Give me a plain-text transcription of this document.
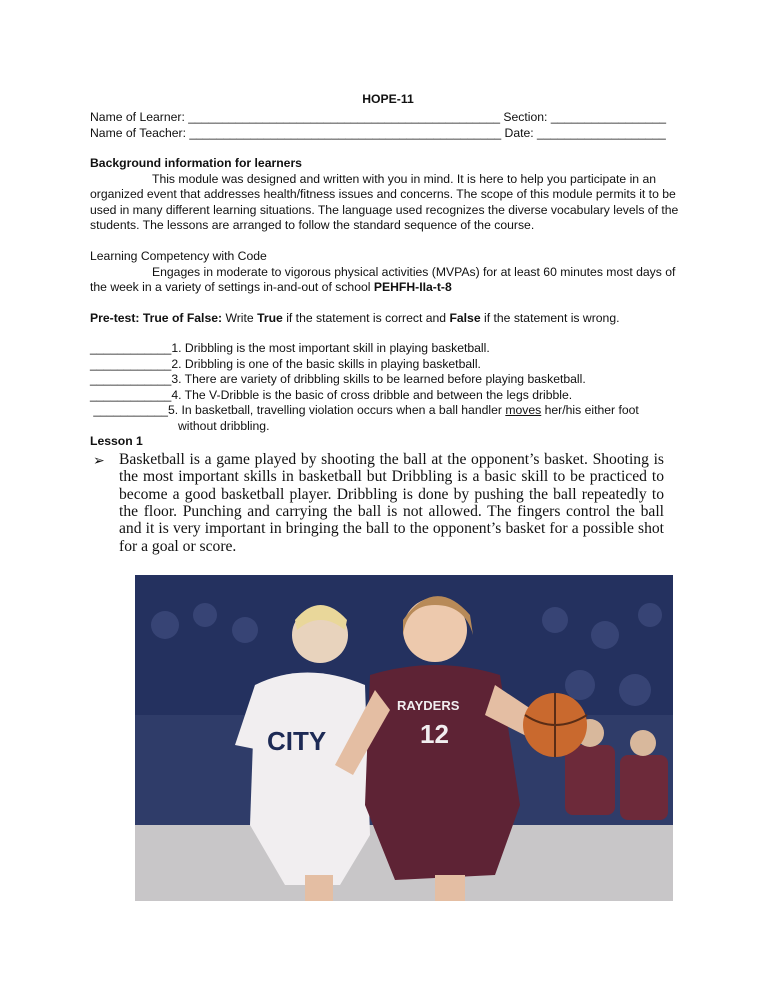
HOPE-11
Name of Learner: ______________________________________________ Section: _________________
Name of Teacher: ______________________________________________ Date: ___________________
Background information for learners

This module was designed and written with you in mind. It is here to help you participate in an organized event that addresses health/fitness issues and concerns. The scope of this module permits it to be used in many different learning situations. The language used recognizes the diverse vocabulary levels of the students. The lessons are arranged to follow the standard sequence of the course.

Learning Competency with Code

Engages in moderate to vigorous physical activities (MVPAs) for at least 60 minutes most days of the week in a variety of settings in-and-out of school PEHFH-IIa-t-8

Pre-test: True of False: Write True if the statement is correct and False if the statement is wrong.

____________1. Dribbling is the most important skill in playing basketball.
____________2. Dribbling is one of the basic skills in playing basketball.
____________3. There are variety of dribbling skills to be learned before playing basketball.
____________4. The V-Dribble is the basic of cross dribble and between the legs dribble.
___________5. In basketball, travelling violation occurs when a ball handler moves her/his either foot
without dribbling.
Lesson 1
➢ Basketball is a game played by shooting the ball at the opponent’s basket. Shooting is the most important skills in basketball but Dribbling is a basic skill to be practiced to become a good basketball player. Dribbling is done by pushing the ball repeatedly to the floor. Punching and carrying the ball is not allowed. The fingers control the ball and it is very important in bringing the ball to the opponent’s basket for a possible shot for a goal or score.
CITY
RAYDERS
12
